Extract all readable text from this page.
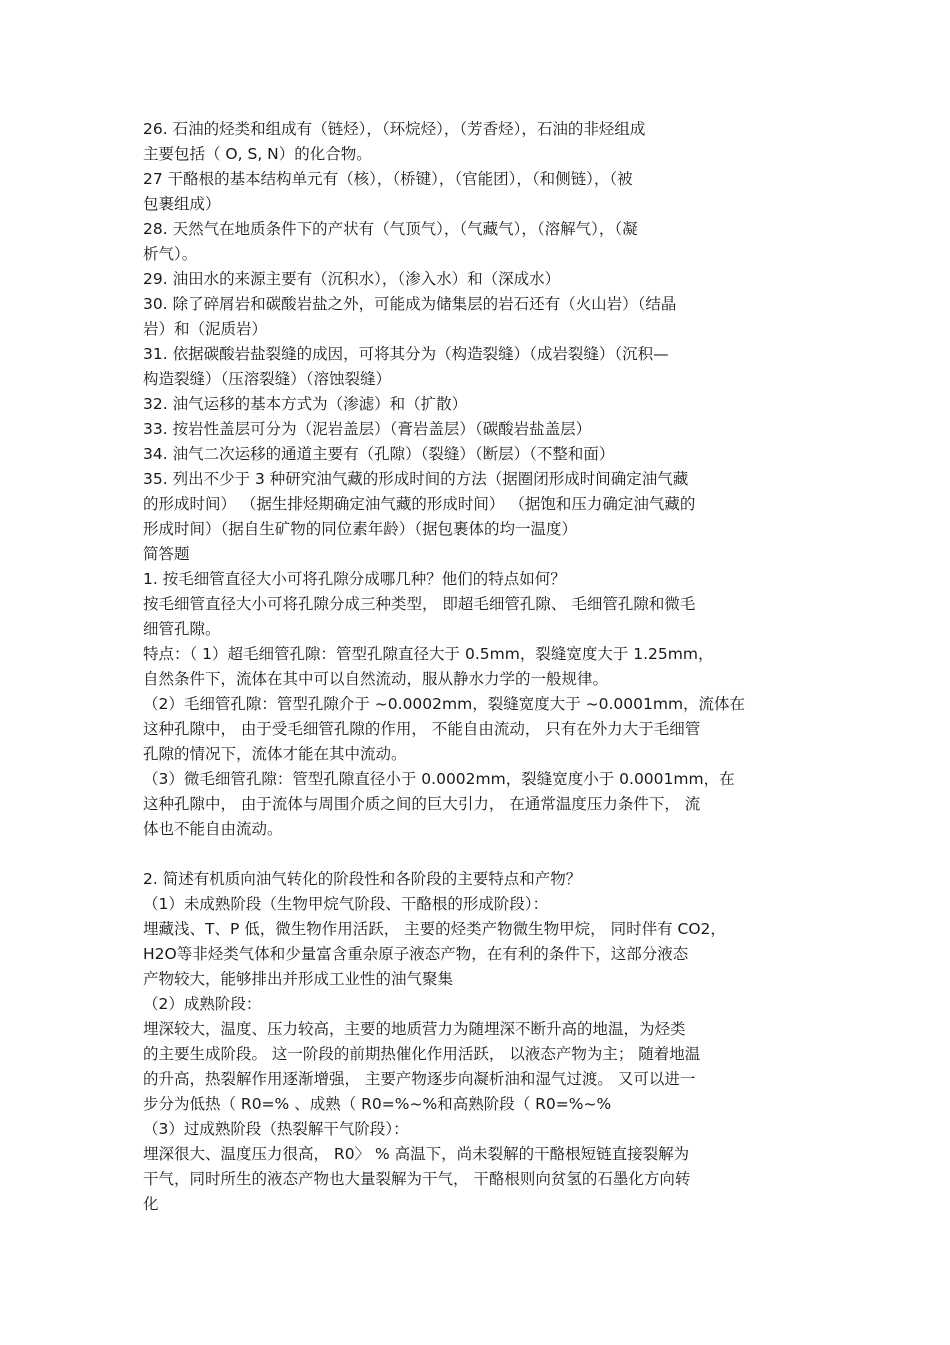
26. 石油的烃类和组成有（链烃），（环烷烃），（芳香烃），石油的非烃组成
主要包括（ O, S, N）的化合物。
27 干酪根的基本结构单元有（核），（桥键），（官能团），（和侧链），（被
包裹组成）
28. 天然气在地质条件下的产状有（气顶气），（气藏气），（溶解气），（凝
析气）。
29. 油田水的来源主要有（沉积水），（渗入水）和（深成水）
30. 除了碎屑岩和碳酸岩盐之外，可能成为储集层的岩石还有（火山岩）（结晶
岩）和（泥质岩）
31. 依据碳酸岩盐裂缝的成因，可将其分为（构造裂缝）（成岩裂缝）（沉积—
构造裂缝）（压溶裂缝）（溶蚀裂缝）
32. 油气运移的基本方式为（渗滤）和（扩散）
33. 按岩性盖层可分为（泥岩盖层）（膏岩盖层）（碳酸岩盐盖层）
34. 油气二次运移的通道主要有（孔隙）（裂缝）（断层）（不整和面）
35. 列出不少于 3 种研究油气藏的形成时间的方法（据圈闭形成时间确定油气藏
的形成时间） （据生排烃期确定油气藏的形成时间） （据饱和压力确定油气藏的
形成时间）（据自生矿物的同位素年龄）（据包裹体的均一温度）
简答题
1. 按毛细管直径大小可将孔隙分成哪几种？他们的特点如何？
按毛细管直径大小可将孔隙分成三种类型， 即超毛细管孔隙、 毛细管孔隙和微毛
细管孔隙。
特点：（ 1）超毛细管孔隙：管型孔隙直径大于 0.5mm，裂缝宽度大于 1.25mm，
自然条件下，流体在其中可以自然流动，服从静水力学的一般规律。
（2）毛细管孔隙：管型孔隙介于 ~0.0002mm，裂缝宽度大于 ~0.0001mm，流体在
这种孔隙中， 由于受毛细管孔隙的作用， 不能自由流动， 只有在外力大于毛细管
孔隙的情况下，流体才能在其中流动。
（3）微毛细管孔隙：管型孔隙直径小于 0.0002mm，裂缝宽度小于 0.0001mm，在
这种孔隙中， 由于流体与周围介质之间的巨大引力， 在通常温度压力条件下， 流
体也不能自由流动。
2. 简述有机质向油气转化的阶段性和各阶段的主要特点和产物？
（1）未成熟阶段（生物甲烷气阶段、干酪根的形成阶段）：
埋藏浅、T、P 低，微生物作用活跃， 主要的烃类产物微生物甲烷， 同时伴有 CO2，
H2O等非烃类气体和少量富含重杂原子液态产物，在有利的条件下，这部分液态
产物较大，能够排出并形成工业性的油气聚集
（2）成熟阶段：
埋深较大，温度、压力较高，主要的地质营力为随埋深不断升高的地温，为烃类
的主要生成阶段。 这一阶段的前期热催化作用活跃， 以液态产物为主； 随着地温
的升高，热裂解作用逐渐增强， 主要产物逐步向凝析油和湿气过渡。 又可以进一
步分为低热（ R0=% 、成熟（ R0=%~%和高熟阶段（ R0=%~%
（3）过成熟阶段（热裂解干气阶段）：
埋深很大、温度压力很高， R0〉 % 高温下，尚未裂解的干酪根短链直接裂解为
干气，同时所生的液态产物也大量裂解为干气， 干酪根则向贫氢的石墨化方向转
化
